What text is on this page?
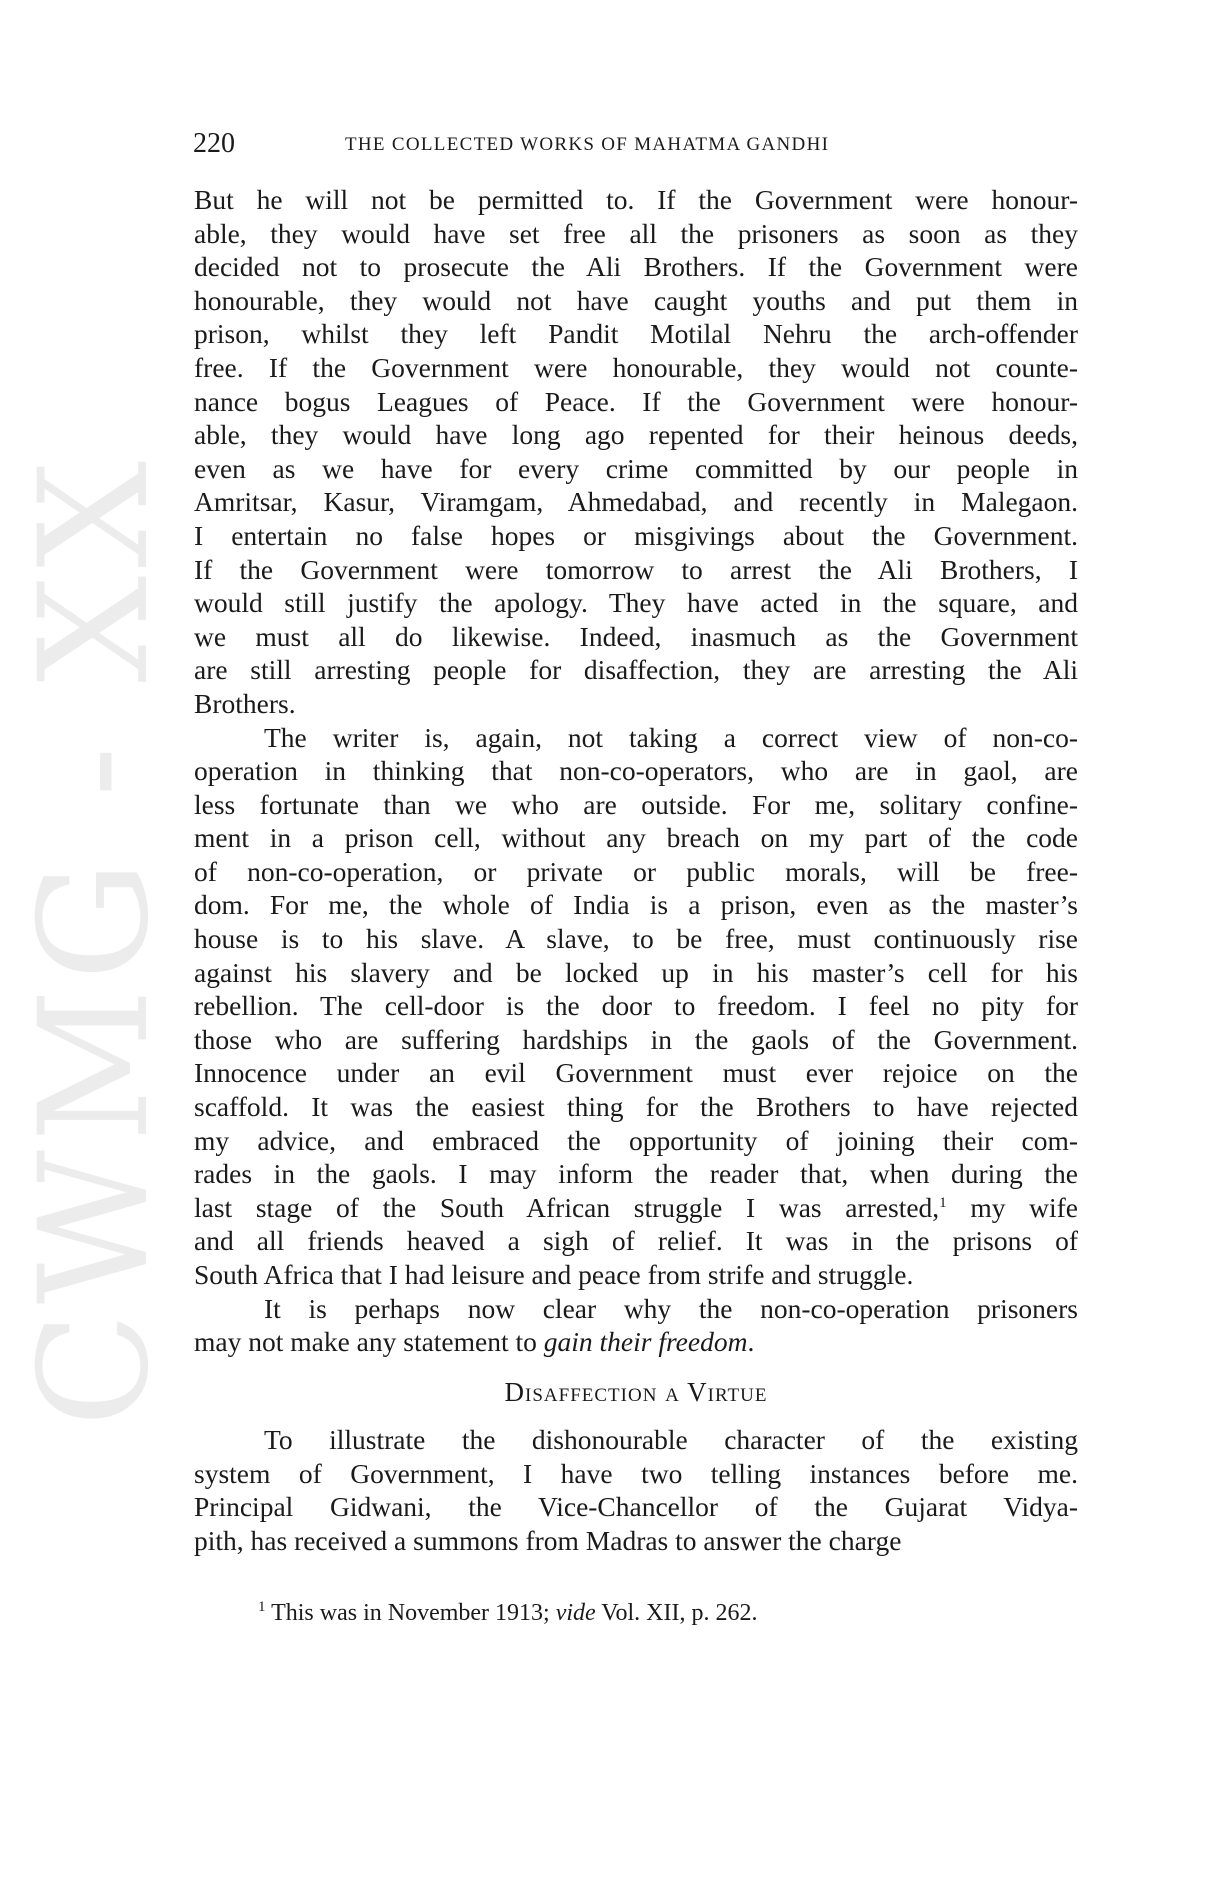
CWMG - XX
220	THE COLLECTED WORKS OF MAHATMA GANDHI
But he will not be permitted to. If the Government were honour-
able, they would have set free all the prisoners as soon as they
decided not to prosecute the Ali Brothers. If the Government were
honourable, they would not have caught youths and put them in
prison, whilst they left Pandit Motilal Nehru the arch-offender
free. If the Government were honourable, they would not counte-
nance bogus Leagues of Peace. If the Government were honour-
able, they would have long ago repented for their heinous deeds,
even as we have for every crime committed by our people in
Amritsar, Kasur, Viramgam, Ahmedabad, and recently in Malegaon.
I entertain no false hopes or misgivings about the Government.
If the Government were tomorrow to arrest the Ali Brothers, I
would still justify the apology. They have acted in the square, and
we must all do likewise. Indeed, inasmuch as the Government
are still arresting people for disaffection, they are arresting the Ali
Brothers.
The writer is, again, not taking a correct view of non-co-
operation in thinking that non-co-operators, who are in gaol, are
less fortunate than we who are outside. For me, solitary confine-
ment in a prison cell, without any breach on my part of the code
of non-co-operation, or private or public morals, will be free-
dom. For me, the whole of India is a prison, even as the master’s
house is to his slave. A slave, to be free, must continuously rise
against his slavery and be locked up in his master’s cell for his
rebellion. The cell-door is the door to freedom. I feel no pity for
those who are suffering hardships in the gaols of the Government.
Innocence under an evil Government must ever rejoice on the
scaffold. It was the easiest thing for the Brothers to have rejected
my advice, and embraced the opportunity of joining their com-
rades in the gaols. I may inform the reader that, when during the
last stage of the South African struggle I was arrested,$^1$ my wife
and all friends heaved a sigh of relief. It was in the prisons of
South Africa that I had leisure and peace from strife and struggle.
It is perhaps now clear why the non-co-operation prisoners
may not make any statement to gain their freedom.
Disaffection a Virtue
To illustrate the dishonourable character of the existing
system of Government, I have two telling instances before me.
Principal Gidwani, the Vice-Chancellor of the Gujarat Vidya-
pith, has received a summons from Madras to answer the charge
$^1$ This was in November 1913; vide Vol. XII, p. 262.
